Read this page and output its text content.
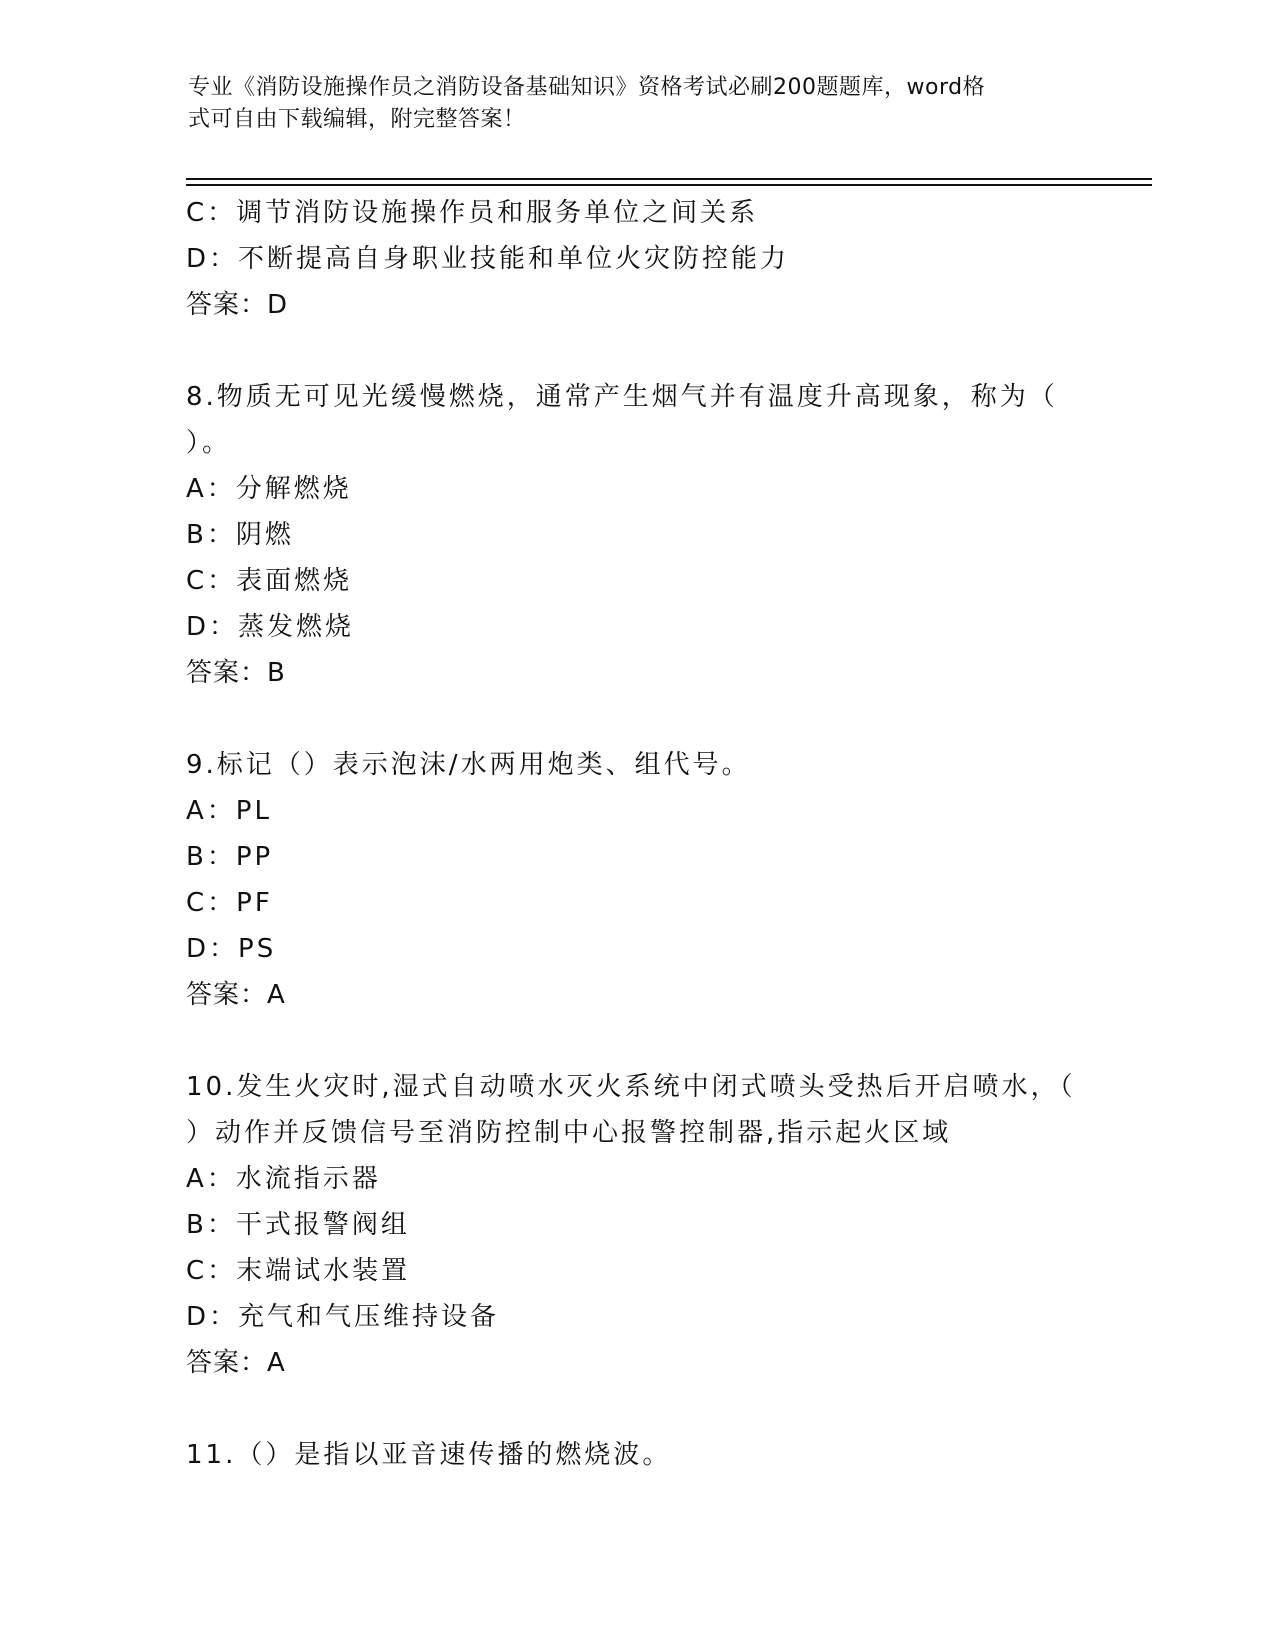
专业《消防设施操作员之消防设备基础知识》资格考试必刷200题题库，word格
式可自由下载编辑，附完整答案！
C：调节消防设施操作员和服务单位之间关系
D：不断提高自身职业技能和单位火灾防控能力
答案：D
8.物质无可见光缓慢燃烧，通常产生烟气并有温度升高现象，称为（
）。
A：分解燃烧
B：阴燃
C：表面燃烧
D：蒸发燃烧
答案：B
9.标记（）表示泡沫/水两用炮类、组代号。
A：PL
B：PP
C：PF
D：PS
答案：A
10.发生火灾时,湿式自动喷水灭火系统中闭式喷头受热后开启喷水，（
）动作并反馈信号至消防控制中心报警控制器,指示起火区域
A：水流指示器
B：干式报警阀组
C：末端试水装置
D：充气和气压维持设备
答案：A
11.（）是指以亚音速传播的燃烧波。
